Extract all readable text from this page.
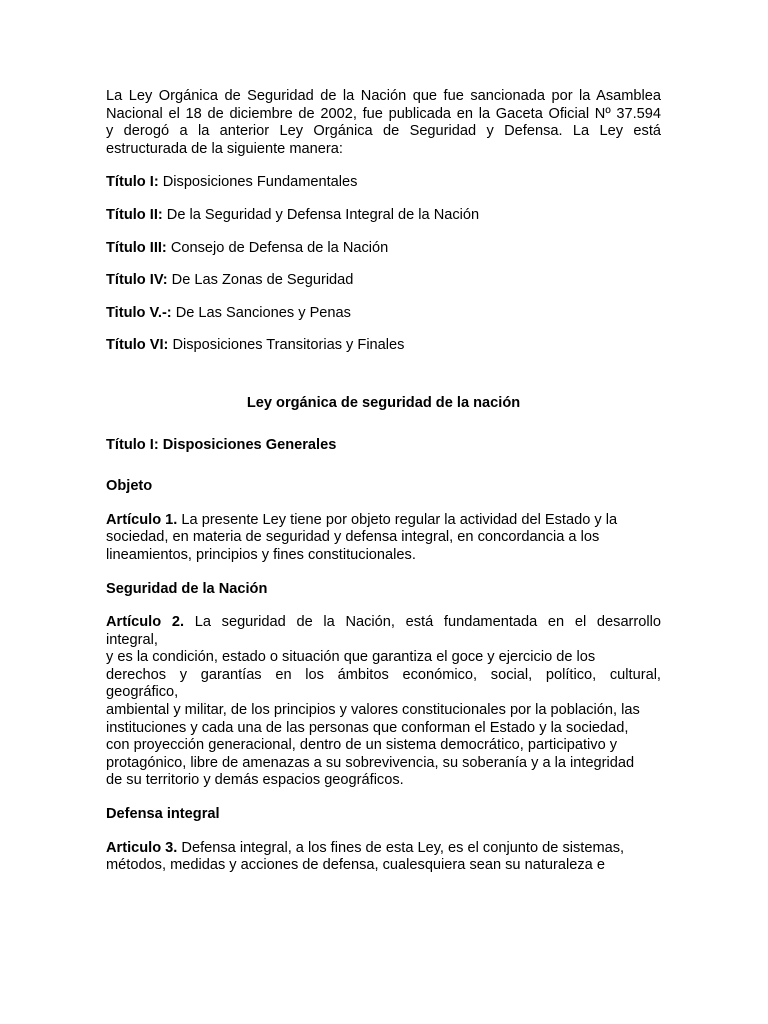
La Ley Orgánica de Seguridad de la Nación que fue sancionada por la Asamblea
Nacional el 18 de diciembre de 2002, fue publicada en la Gaceta Oficial Nº 37.594
y derogó a la anterior Ley Orgánica de Seguridad y Defensa. La Ley está
estructurada de la siguiente manera:

Título I: Disposiciones Fundamentales

Título II: De la Seguridad y Defensa Integral de la Nación

Título III: Consejo de Defensa de la Nación

Título IV: De Las Zonas de Seguridad

Titulo V.-: De Las Sanciones y Penas

Título VI: Disposiciones Transitorias y Finales

Ley orgánica de seguridad de la nación

Título I: Disposiciones Generales

Objeto

Artículo 1. La presente Ley tiene por objeto regular la actividad del Estado y la
sociedad, en materia de seguridad y defensa integral, en concordancia a los
lineamientos, principios y fines constitucionales.

Seguridad de la Nación

Artículo 2. La seguridad de la Nación, está fundamentada en el desarrollo
integral,
y es la condición, estado o situación que garantiza el goce y ejercicio de los
derechos y garantías en los ámbitos económico, social, político, cultural,
geográfico,
ambiental y militar, de los principios y valores constitucionales por la población, las
instituciones y cada una de las personas que conforman el Estado y la sociedad,
con proyección generacional, dentro de un sistema democrático, participativo y
protagónico, libre de amenazas a su sobrevivencia, su soberanía y a la integridad
de su territorio y demás espacios geográficos.

Defensa integral

Articulo 3. Defensa integral, a los fines de esta Ley, es el conjunto de sistemas,
métodos, medidas y acciones de defensa, cualesquiera sean su naturaleza e
